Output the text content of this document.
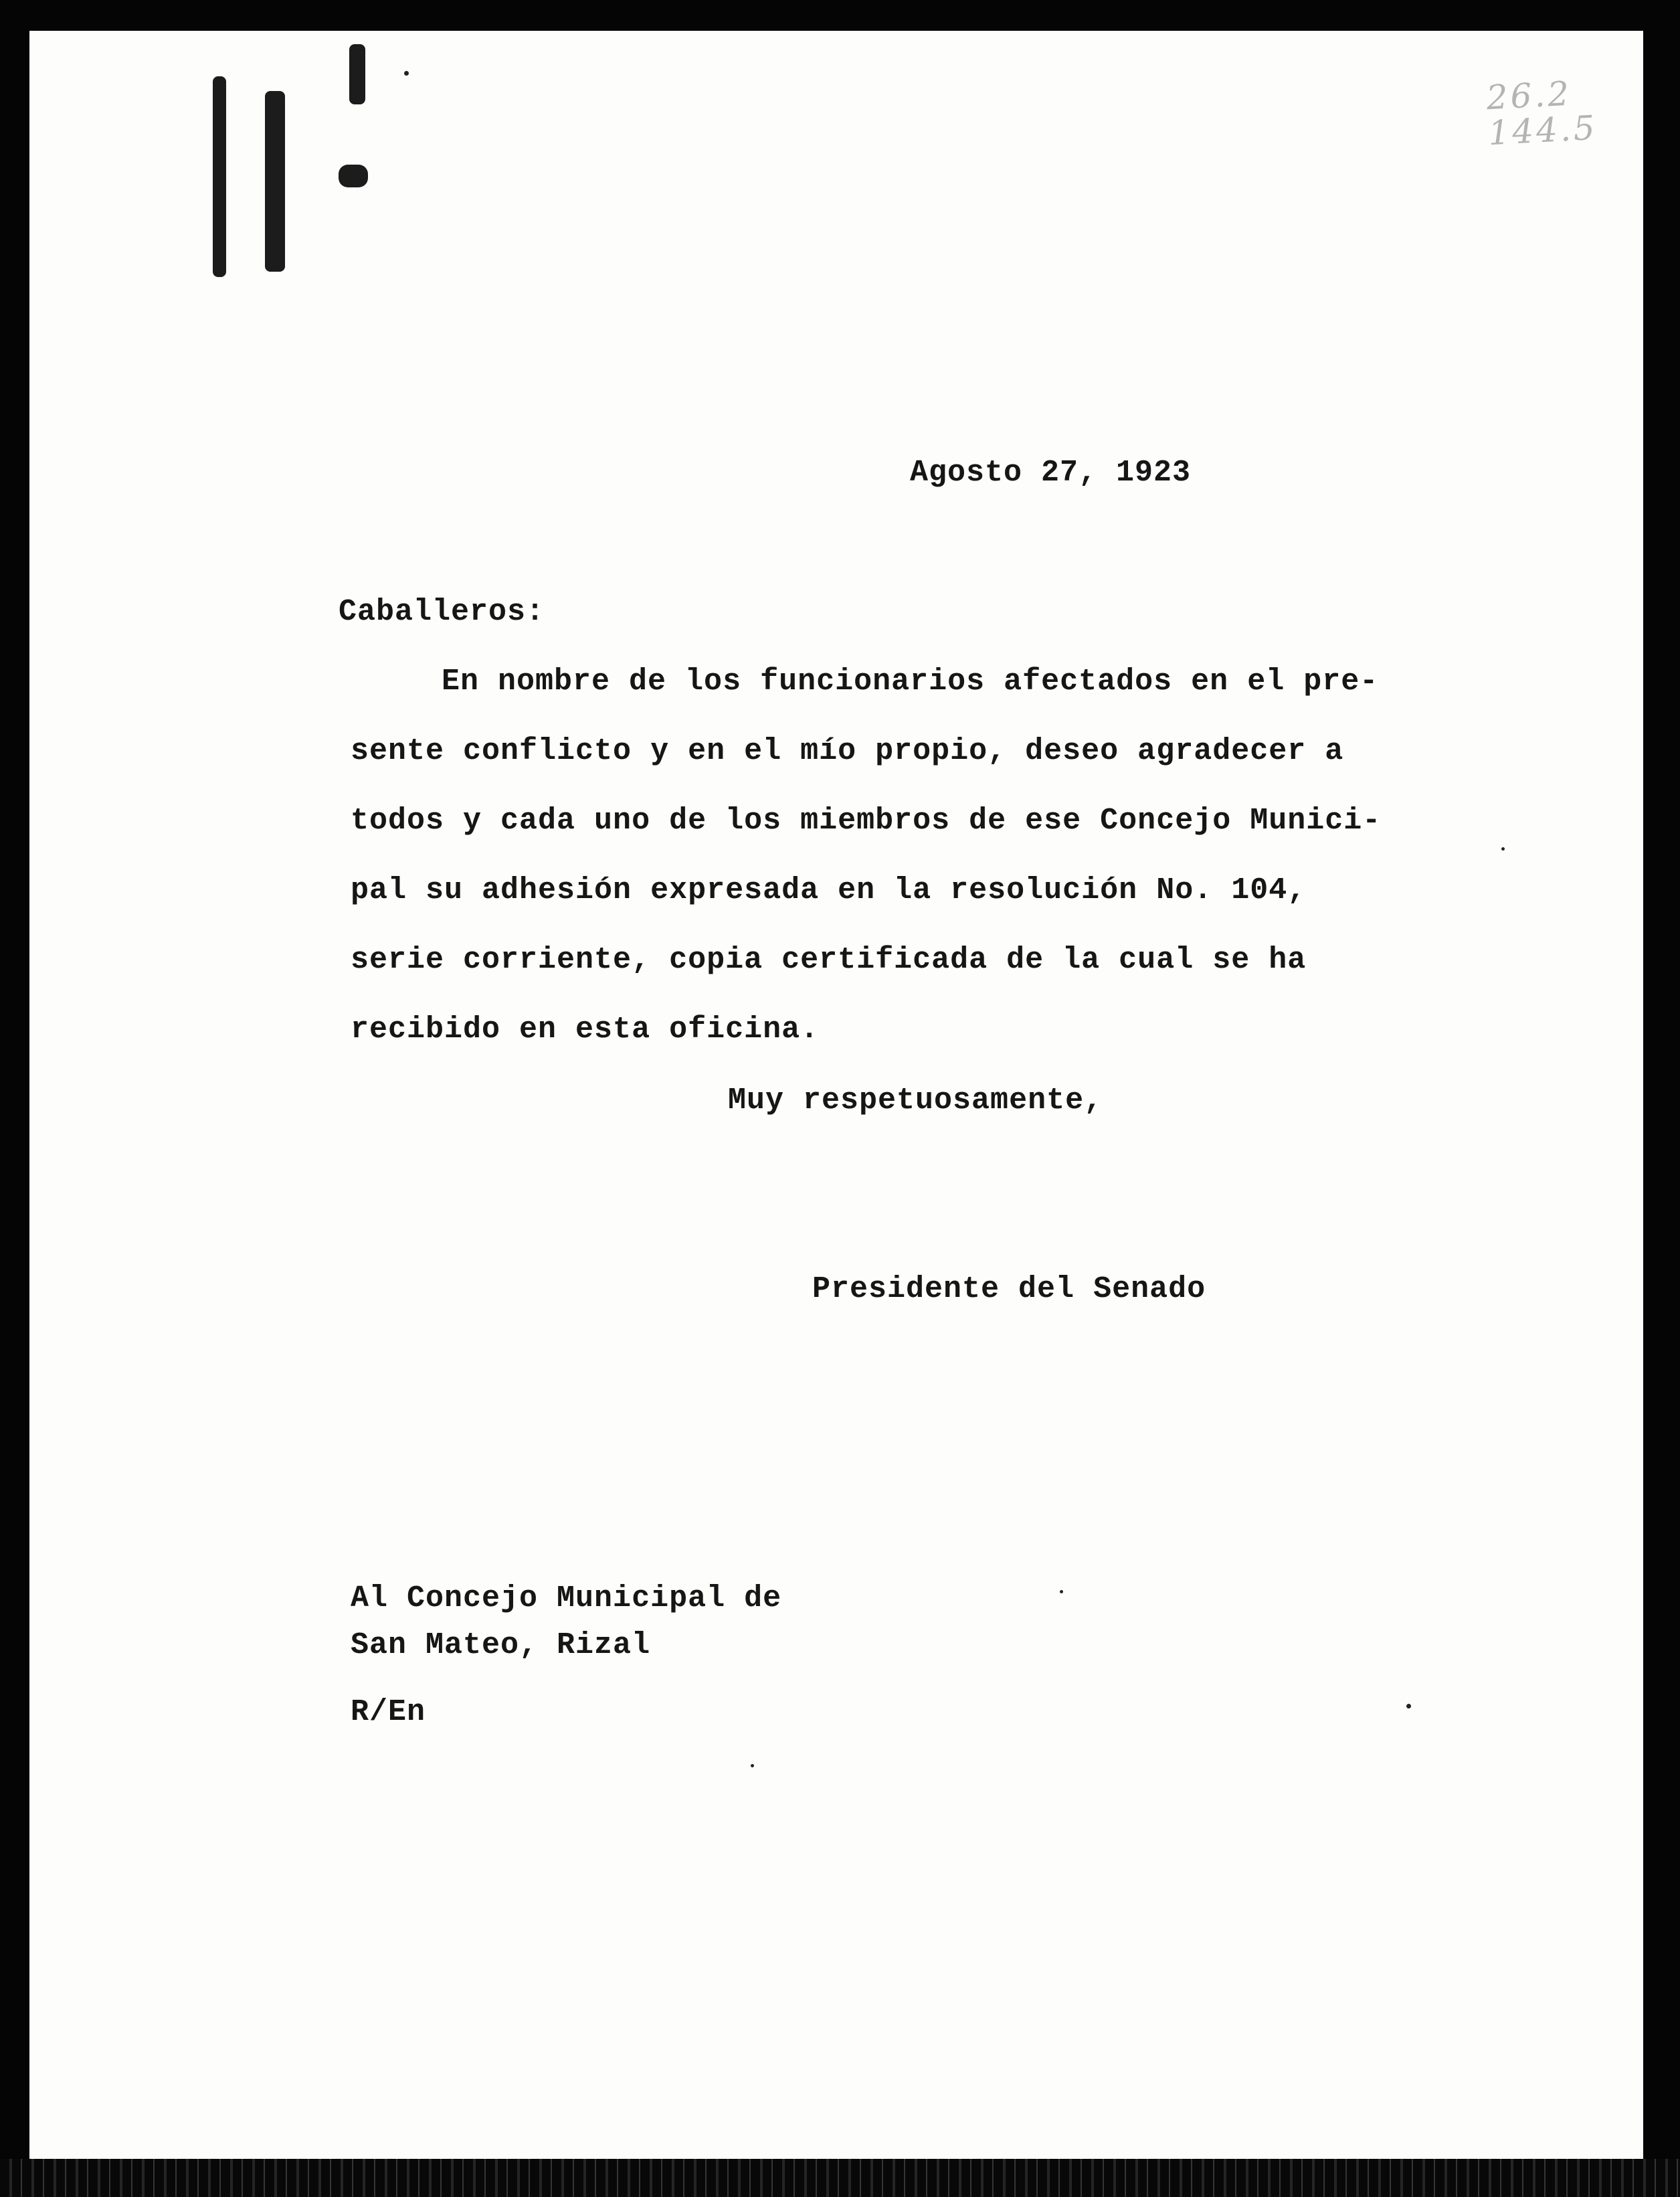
26.2
144.5
Agosto 27, 1923
Caballeros:
En nombre de los funcionarios afectados en el pre-
sente conflicto y en el mío propio, deseo agradecer a
todos y cada uno de los miembros de ese Concejo Munici-
pal su adhesión expresada en la resolución No. 104,
serie corriente, copia certificada de la cual se ha
recibido en esta oficina.
Muy respetuosamente,
Presidente del Senado
Al Concejo Municipal de
San Mateo, Rizal
R/En
